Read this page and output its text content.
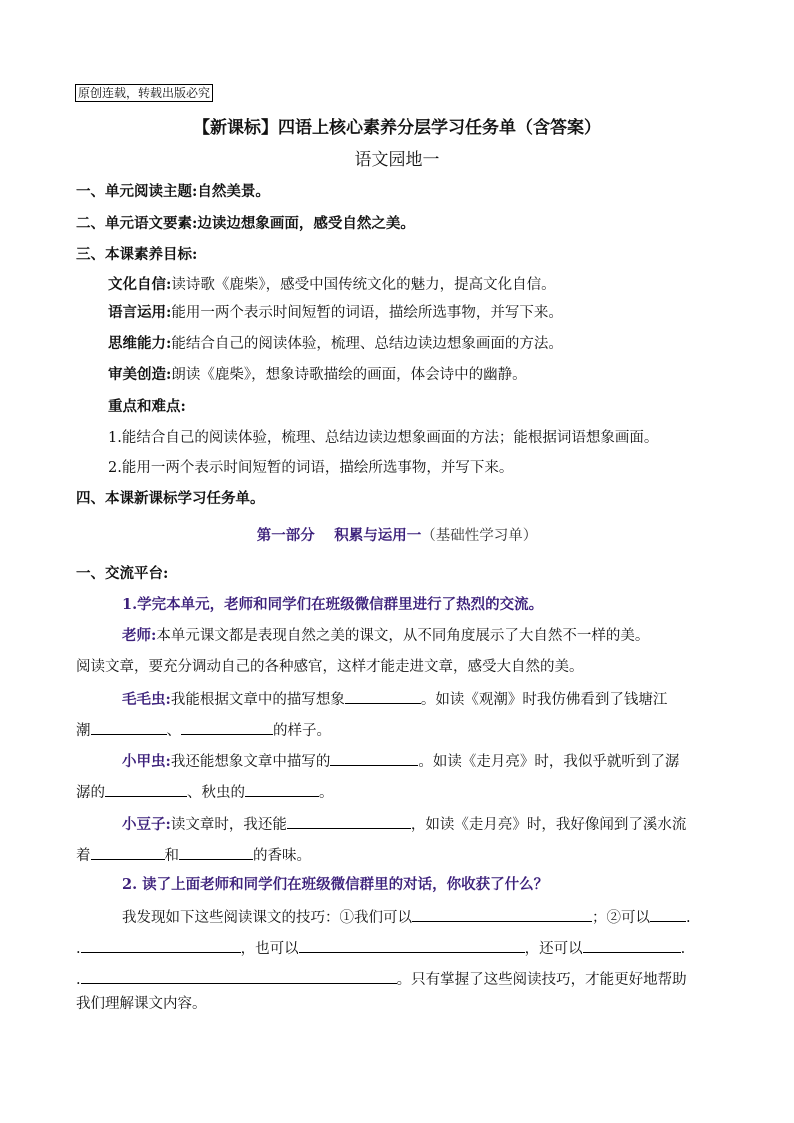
原创连载，转载出版必究
【新课标】四语上核心素养分层学习任务单（含答案）
语文园地一
一、单元阅读主题:自然美景。
二、单元语文要素:边读边想象画面，感受自然之美。
三、本课素养目标:
文化自信:读诗歌《鹿柴》，感受中国传统文化的魅力，提高文化自信。
语言运用:能用一两个表示时间短暂的词语，描绘所选事物，并写下来。
思维能力:能结合自己的阅读体验，梳理、总结边读边想象画面的方法。
审美创造:朗读《鹿柴》，想象诗歌描绘的画面，体会诗中的幽静。
重点和难点:
1.能结合自己的阅读体验，梳理、总结边读边想象画面的方法；能根据词语想象画面。
2.能用一两个表示时间短暂的词语，描绘所选事物，并写下来。
四、本课新课标学习任务单。
第一部分　 积累与运用一（基础性学习单）
一、交流平台:
1.学完本单元，老师和同学们在班级微信群里进行了热烈的交流。
老师:本单元课文都是表现自然之美的课文，从不同角度展示了大自然不一样的美。
阅读文章，要充分调动自己的各种感官，这样才能走进文章，感受大自然的美。
毛毛虫:我能根据文章中的描写想象	。如读《观潮》时我仿佛看到了钱塘江
潮	、	的样子。
小甲虫:我还能想象文章中描写的	。如读《走月亮》时，我似乎就听到了潺
潺的	、秋虫的	。
小豆子:读文章时，我还能	，如读《走月亮》时，我好像闻到了溪水流
着	和	的香味。
2. 读了上面老师和同学们在班级微信群里的对话，你收获了什么？
我发现如下这些阅读课文的技巧：①我们可以	；②可以 .
.	，也可以	，还可以	.
.	。只有掌握了这些阅读技巧，才能更好地帮助
我们理解课文内容。
